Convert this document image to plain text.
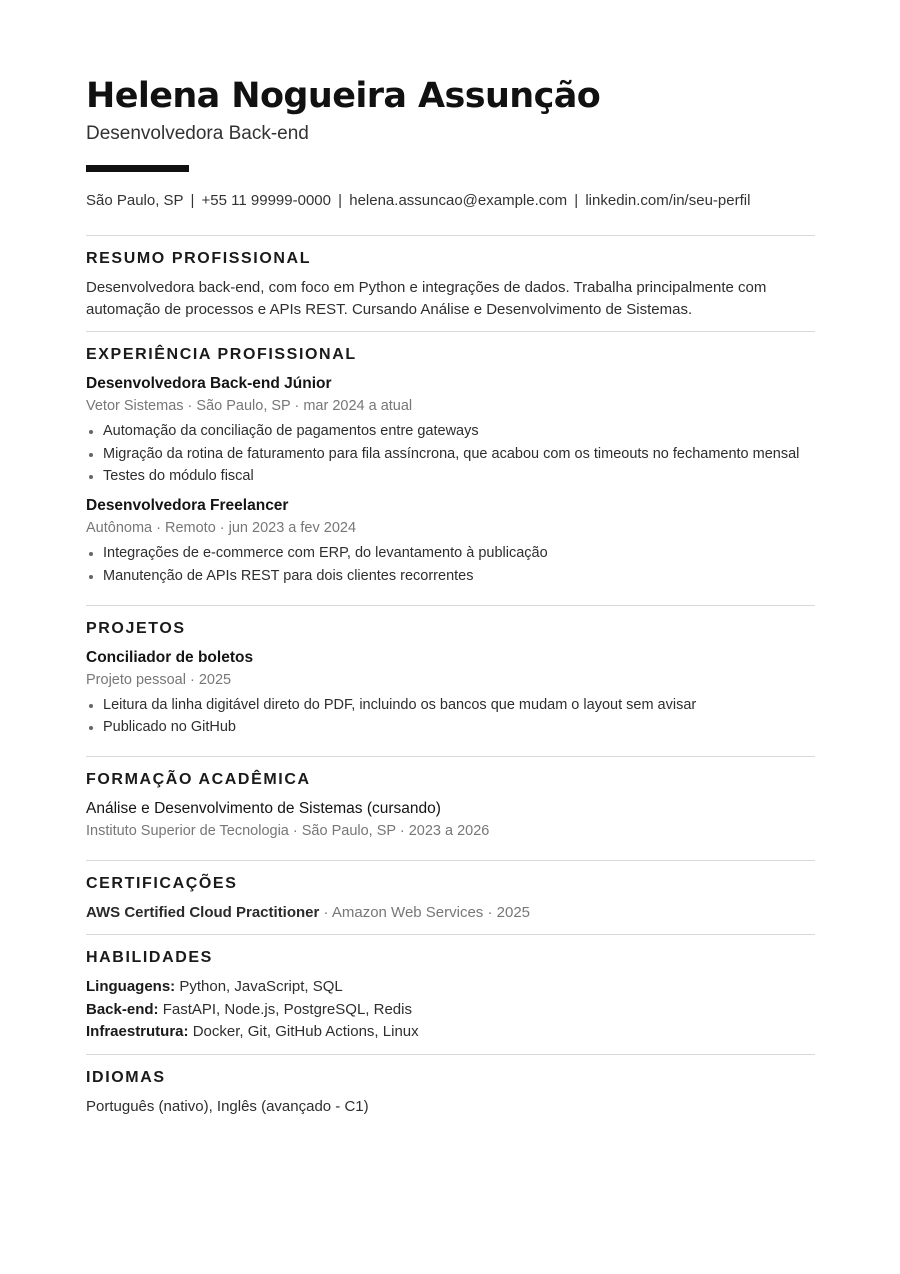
Helena Nogueira Assunção
Desenvolvedora Back-end
São Paulo, SP | +55 11 99999-0000 | helena.assuncao@example.com | linkedin.com/in/seu-perfil
RESUMO PROFISSIONAL

Desenvolvedora back-end, com foco em Python e integrações de dados. Trabalha principalmente com automação de processos e APIs REST. Cursando Análise e Desenvolvimento de Sistemas.

EXPERIÊNCIA PROFISSIONAL
Desenvolvedora Back-end Júnior
Vetor Sistemas · São Paulo, SP · mar 2024 a atual
• Automação da conciliação de pagamentos entre gateways
• Migração da rotina de faturamento para fila assíncrona, que acabou com os timeouts no fechamento mensal
• Testes do módulo fiscal
Desenvolvedora Freelancer
Autônoma · Remoto · jun 2023 a fev 2024
• Integrações de e-commerce com ERP, do levantamento à publicação
• Manutenção de APIs REST para dois clientes recorrentes
PROJETOS
Conciliador de boletos
Projeto pessoal · 2025
• Leitura da linha digitável direto do PDF, incluindo os bancos que mudam o layout sem avisar
• Publicado no GitHub
FORMAÇÃO ACADÊMICA
Análise e Desenvolvimento de Sistemas (cursando)
Instituto Superior de Tecnologia · São Paulo, SP · 2023 a 2026
CERTIFICAÇÕES
AWS Certified Cloud Practitioner · Amazon Web Services · 2025
HABILIDADES
Linguagens: Python, JavaScript, SQL
Back-end: FastAPI, Node.js, PostgreSQL, Redis
Infraestrutura: Docker, Git, GitHub Actions, Linux
IDIOMAS

Português (nativo), Inglês (avançado - C1)
